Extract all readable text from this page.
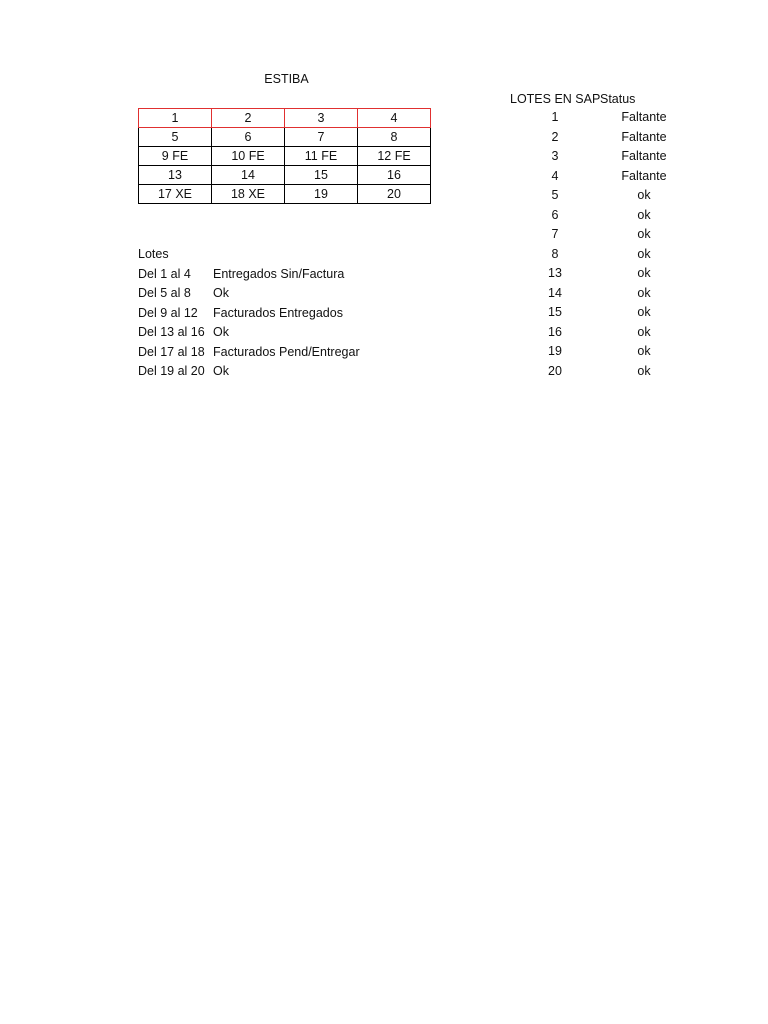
ESTIBA
1	2	3	4
5	6	7	8
9 FE	10 FE	11 FE	12 FE
13	14	15	16
17 XE	18 XE	19	20
Lotes
Del 1 al 4	Entregados Sin/Factura
Del 5 al 8	Ok
Del 9 al 12	Facturados Entregados
Del 13 al 16 Ok
Del 17 al 18 Facturados Pend/Entregar
Del 19 al 20 Ok
LOTES EN SAPStatus
1	Faltante
2	Faltante
3	Faltante
4	Faltante
5	ok
6	ok
7	ok
8	ok
13	ok
14	ok
15	ok
16	ok
19	ok
20	ok
